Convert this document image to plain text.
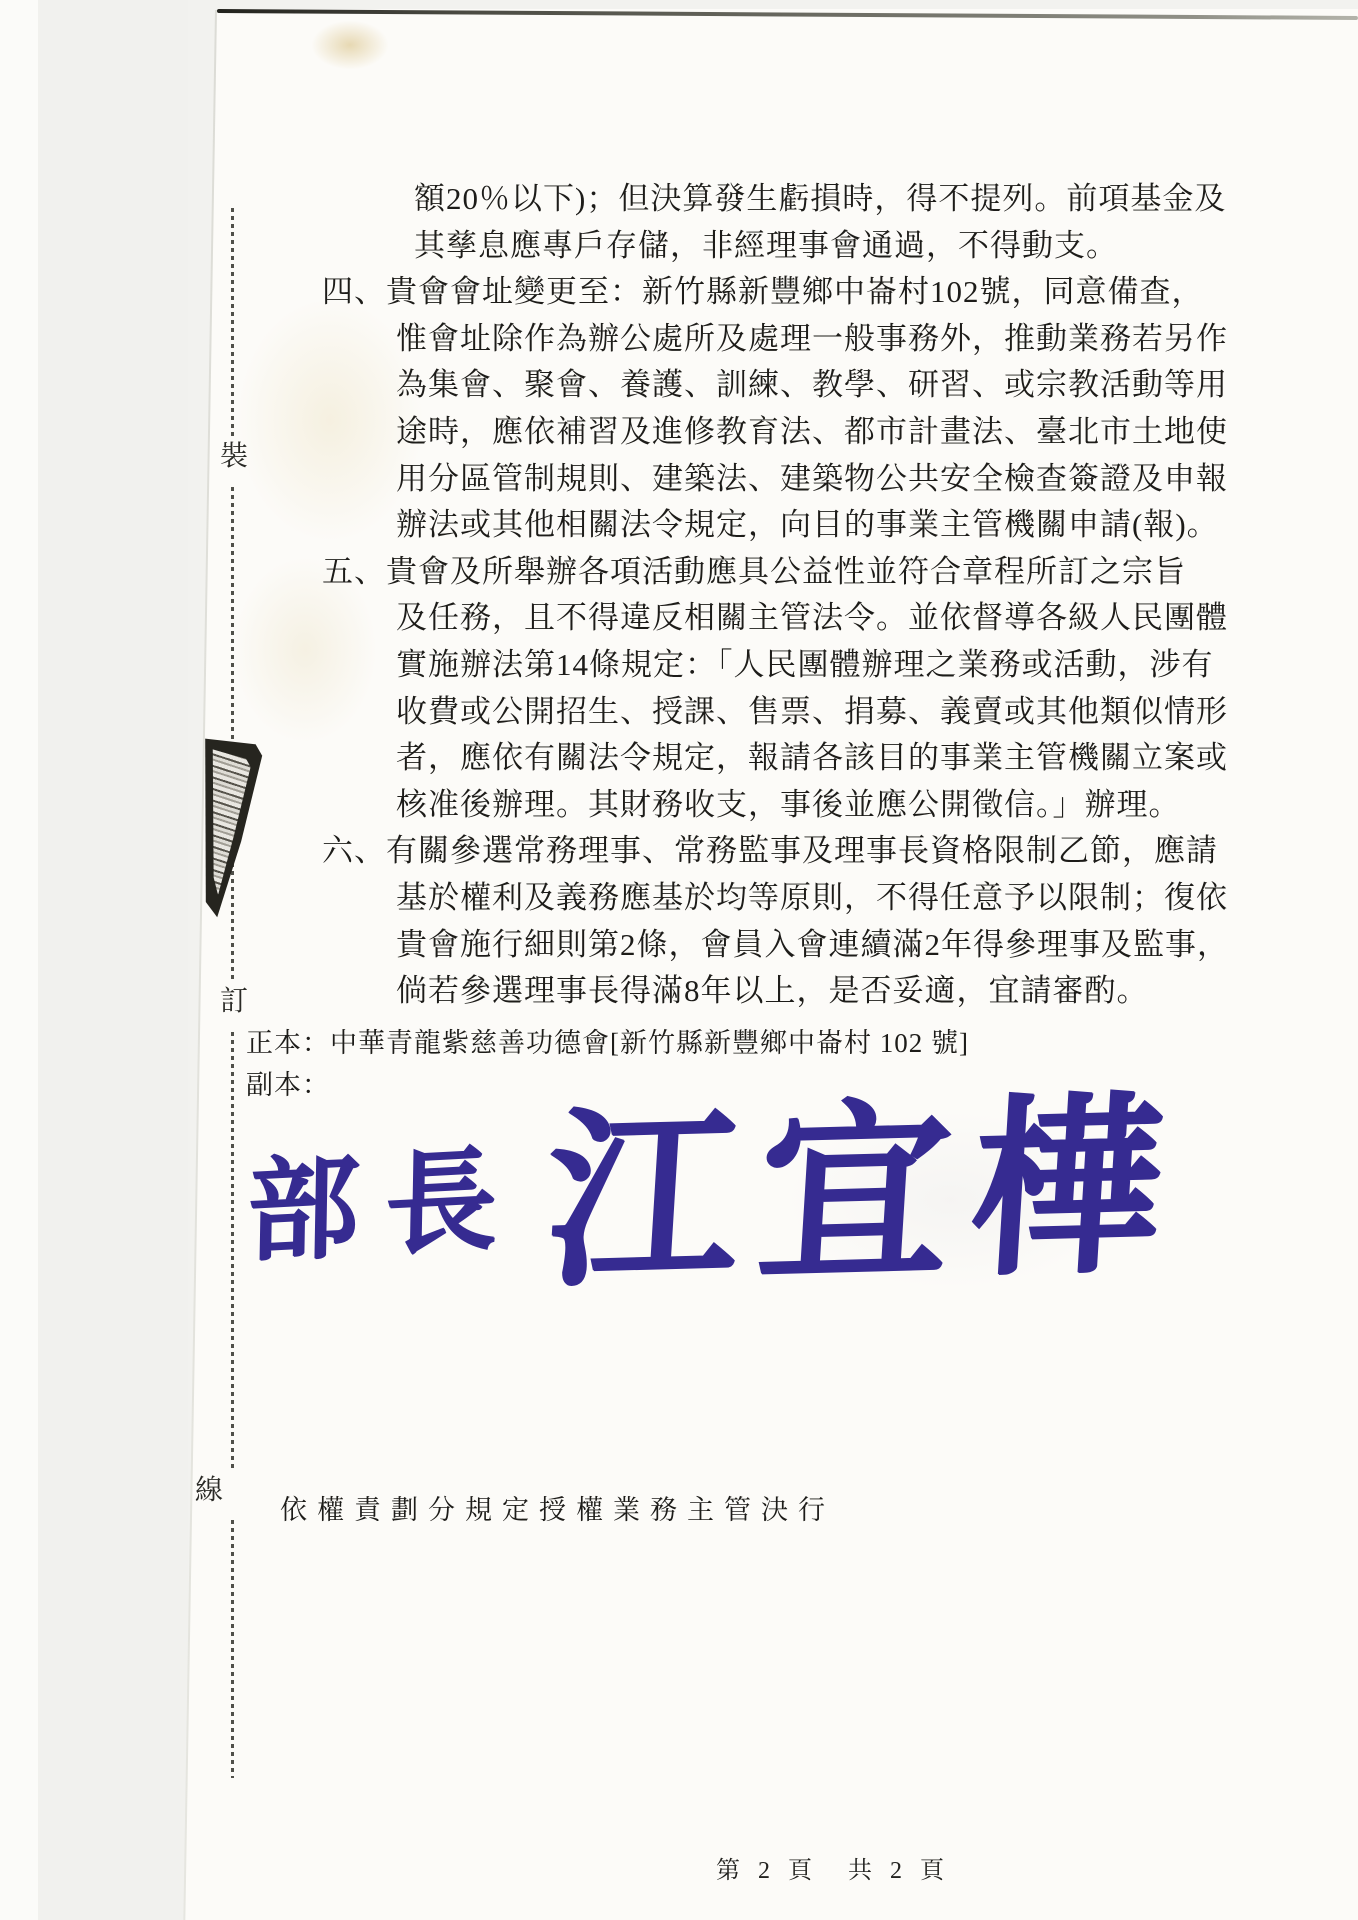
裝
訂
線
額20％以下)；但決算發生虧損時，得不提列。前項基金及
其孳息應專戶存儲，非經理事會通過，不得動支。
四、貴會會址變更至：新竹縣新豐鄉中崙村102號，同意備查，
惟會址除作為辦公處所及處理一般事務外，推動業務若另作
為集會、聚會、養護、訓練、教學、研習、或宗教活動等用
途時，應依補習及進修教育法、都市計畫法、臺北市土地使
用分區管制規則、建築法、建築物公共安全檢查簽證及申報
辦法或其他相關法令規定，向目的事業主管機關申請(報)。
五、貴會及所舉辦各項活動應具公益性並符合章程所訂之宗旨
及任務，且不得違反相關主管法令。並依督導各級人民團體
實施辦法第14條規定：「人民團體辦理之業務或活動，涉有
收費或公開招生、授課、售票、捐募、義賣或其他類似情形
者，應依有關法令規定，報請各該目的事業主管機關立案或
核准後辦理。其財務收支，事後並應公開徵信。」辦理。
六、有關參選常務理事、常務監事及理事長資格限制乙節，應請
基於權利及義務應基於均等原則，不得任意予以限制；復依
貴會施行細則第2條，會員入會連續滿2年得參理事及監事，
倘若參選理事長得滿8年以上，是否妥適，宜請審酌。
正本：中華青龍紫慈善功德會[新竹縣新豐鄉中崙村 102 號]
副本：
部長 江宜樺
依權責劃分規定授權業務主管決行
第 2 頁　共 2 頁
